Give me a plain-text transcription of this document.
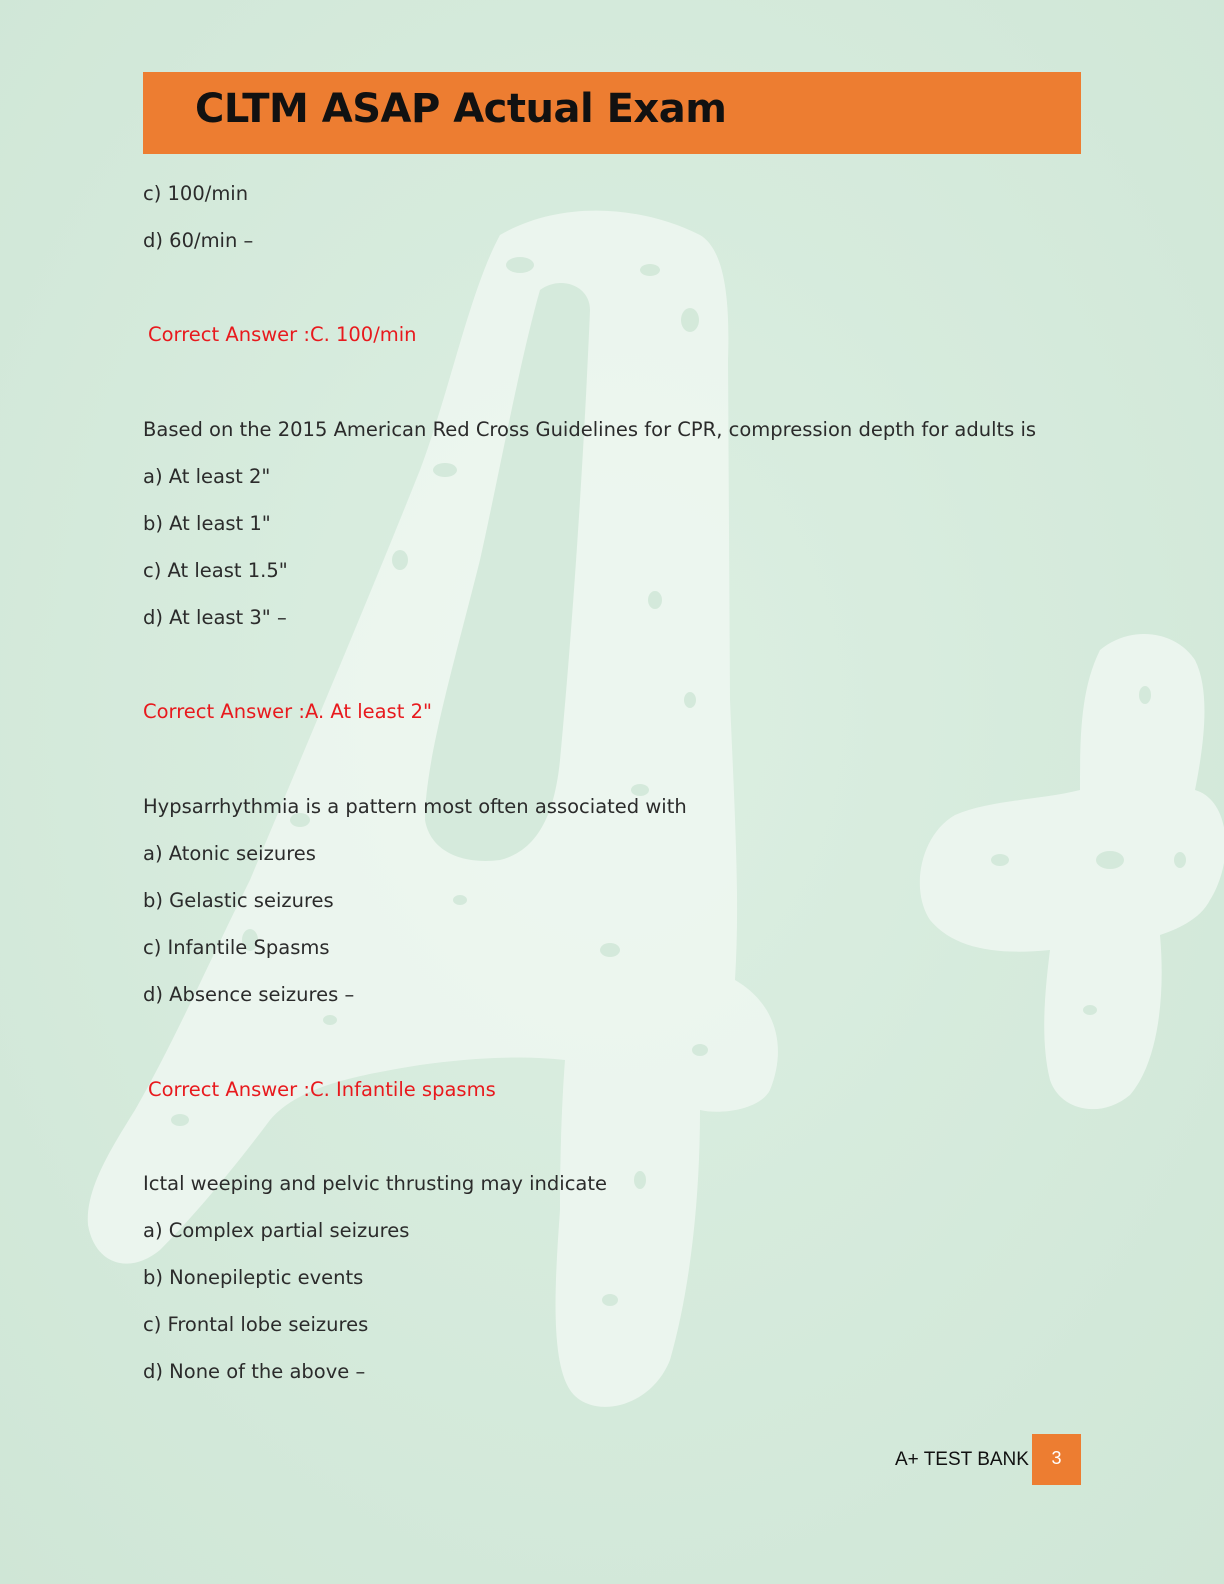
CLTM ASAP Actual Exam
c) 100/min
d) 60/min –
Correct Answer :C. 100/min
Based on the 2015 American Red Cross Guidelines for CPR, compression depth for adults is
a) At least 2"
b) At least 1"
c) At least 1.5"
d) At least 3" –
Correct Answer :A. At least 2"
Hypsarrhythmia is a pattern most often associated with
a) Atonic seizures
b) Gelastic seizures
c) Infantile Spasms
d) Absence seizures –
Correct Answer :C. Infantile spasms
Ictal weeping and pelvic thrusting may indicate
a) Complex partial seizures
b) Nonepileptic events
c) Frontal lobe seizures
d) None of the above –
A+ TEST BANK	3
